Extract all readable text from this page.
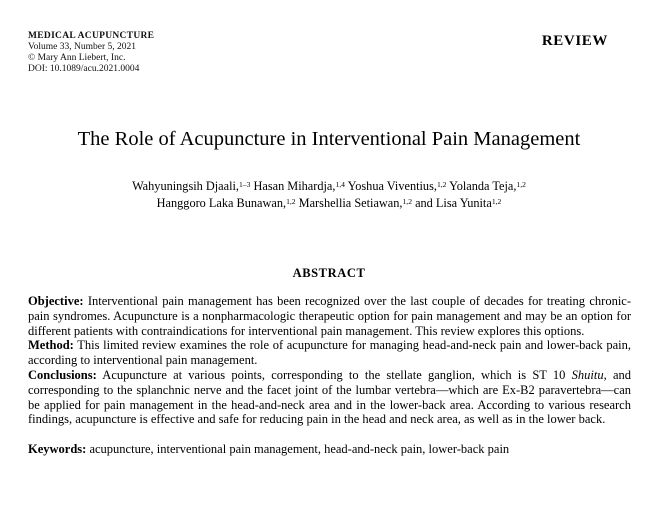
MEDICAL ACUPUNCTURE
Volume 33, Number 5, 2021
© Mary Ann Liebert, Inc.
DOI: 10.1089/acu.2021.0004
REVIEW
The Role of Acupuncture in Interventional Pain Management
Wahyuningsih Djaali,$^{1-3}$ Hasan Mihardja,$^{1,4}$ Yoshua Viventius,$^{1,2}$ Yolanda Teja,$^{1,2}$
Hanggoro Laka Bunawan,$^{1,2}$ Marshellia Setiawan,$^{1,2}$ and Lisa Yunita$^{1,2}$
ABSTRACT

Objective: Interventional pain management has been recognized over the last couple of decades for treating chronic-pain syndromes. Acupuncture is a nonpharmacologic therapeutic option for pain management and may be an option for different patients with contraindications for interventional pain management. This review explores this options.

Method: This limited review examines the role of acupuncture for managing head-and-neck pain and lower-back pain, according to interventional pain management.

Conclusions: Acupuncture at various points, corresponding to the stellate ganglion, which is ST 10 Shuitu, and corresponding to the splanchnic nerve and the facet joint of the lumbar vertebra—which are Ex-B2 paravertebra—can be applied for pain management in the head-and-neck area and in the lower-back area. According to various research findings, acupuncture is effective and safe for reducing pain in the head and neck area, as well as in the lower back.

Keywords: acupuncture, interventional pain management, head-and-neck pain, lower-back pain
